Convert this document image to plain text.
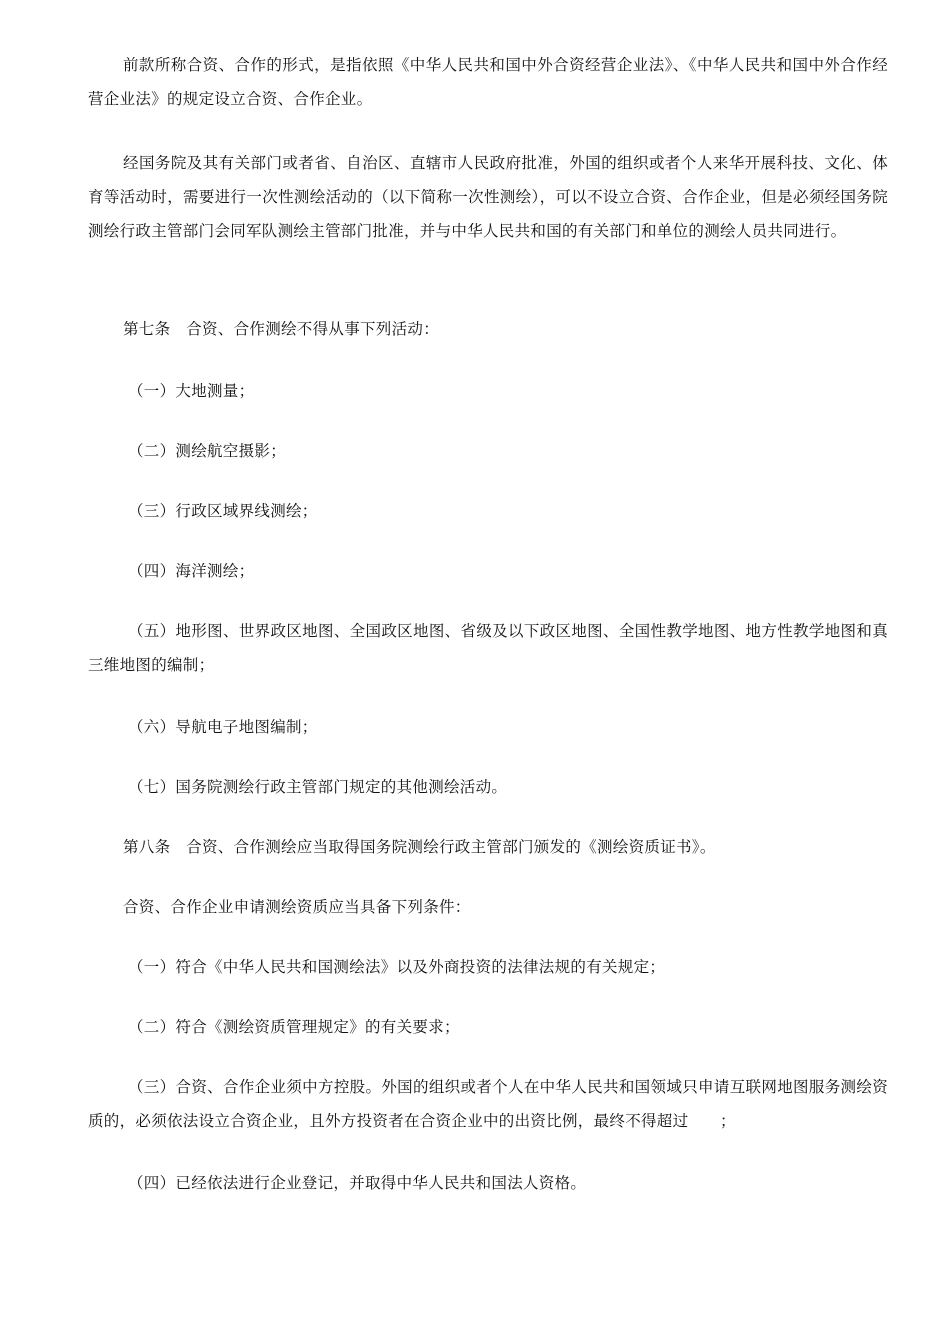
前款所称合资、合作的形式，是指依照《中华人民共和国中外合资经营企业法》、《中华人民共和国中外合作经营企业法》的规定设立合资、合作企业。

经国务院及其有关部门或者省、自治区、直辖市人民政府批准，外国的组织或者个人来华开展科技、文化、体育等活动时，需要进行一次性测绘活动的（以下简称一次性测绘），可以不设立合资、合作企业，但是必须经国务院测绘行政主管部门会同军队测绘主管部门批准，并与中华人民共和国的有关部门和单位的测绘人员共同进行。

第七条　合资、合作测绘不得从事下列活动：

（一）大地测量；

（二）测绘航空摄影；

（三）行政区域界线测绘；

（四）海洋测绘；

（五）地形图、世界政区地图、全国政区地图、省级及以下政区地图、全国性教学地图、地方性教学地图和真三维地图的编制；

（六）导航电子地图编制；

（七）国务院测绘行政主管部门规定的其他测绘活动。

第八条　合资、合作测绘应当取得国务院测绘行政主管部门颁发的《测绘资质证书》。

合资、合作企业申请测绘资质应当具备下列条件：

（一）符合《中华人民共和国测绘法》以及外商投资的法律法规的有关规定；

（二）符合《测绘资质管理规定》的有关要求；

（三）合资、合作企业须中方控股。外国的组织或者个人在中华人民共和国领域只申请互联网地图服务测绘资质的，必须依法设立合资企业，且外方投资者在合资企业中的出资比例，最终不得超过　　；

（四）已经依法进行企业登记，并取得中华人民共和国法人资格。
